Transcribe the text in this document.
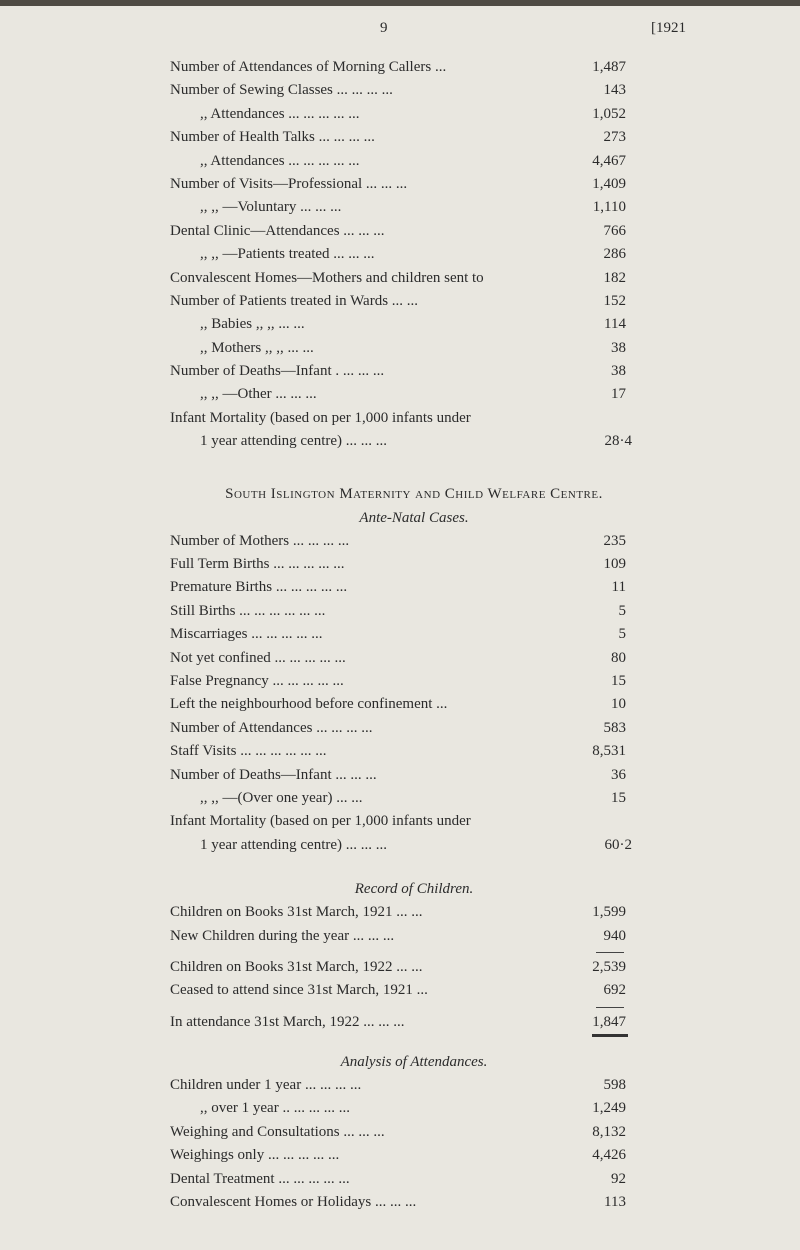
9	[1921
Number of Attendances of Morning Callers ...	1,487
Number of Sewing Classes ... ... ... ...	143
,, Attendances ... ... ... ... ...	1,052
Number of Health Talks ... ... ... ...	273
,, Attendances ... ... ... ... ...	4,467
Number of Visits—Professional ... ... ...	1,409
,, ,, —Voluntary ... ... ...	1,110
Dental Clinic—Attendances ... ... ...	766
,, ,, —Patients treated ... ... ...	286
Convalescent Homes—Mothers and children sent to	182
Number of Patients treated in Wards ... ...	152
,, Babies ,, ,, ... ...	114
,, Mothers ,, ,, ... ...	38
Number of Deaths—Infant . ... ... ...	38
,, ,, —Other ... ... ...	17
Infant Mortality (based on per 1,000 infants under
1 year attending centre) ... ... ...	28·4
South Islington Maternity and Child Welfare Centre.
Ante-Natal Cases.
Number of Mothers ... ... ... ...	235
Full Term Births ... ... ... ... ...	109
Premature Births ... ... ... ... ...	11
Still Births ... ... ... ... ... ...	5
Miscarriages ... ... ... ... ...	5
Not yet confined ... ... ... ... ...	80
False Pregnancy ... ... ... ... ...	15
Left the neighbourhood before confinement ...	10
Number of Attendances ... ... ... ...	583
Staff Visits ... ... ... ... ... ...	8,531
Number of Deaths—Infant ... ... ...	36
,, ,, —(Over one year) ... ...	15
Infant Mortality (based on per 1,000 infants under
1 year attending centre) ... ... ...	60·2
Record of Children.
Children on Books 31st March, 1921 ... ...	1,599
New Children during the year ... ... ...	940
Children on Books 31st March, 1922 ... ...	2,539
Ceased to attend since 31st March, 1921 ...	692
In attendance 31st March, 1922 ... ... ...	1,847
Analysis of Attendances.
Children under 1 year ... ... ... ...	598
,, over 1 year .. ... ... ... ...	1,249
Weighing and Consultations ... ... ...	8,132
Weighings only ... ... ... ... ...	4,426
Dental Treatment ... ... ... ... ...	92
Convalescent Homes or Holidays ... ... ...	113
